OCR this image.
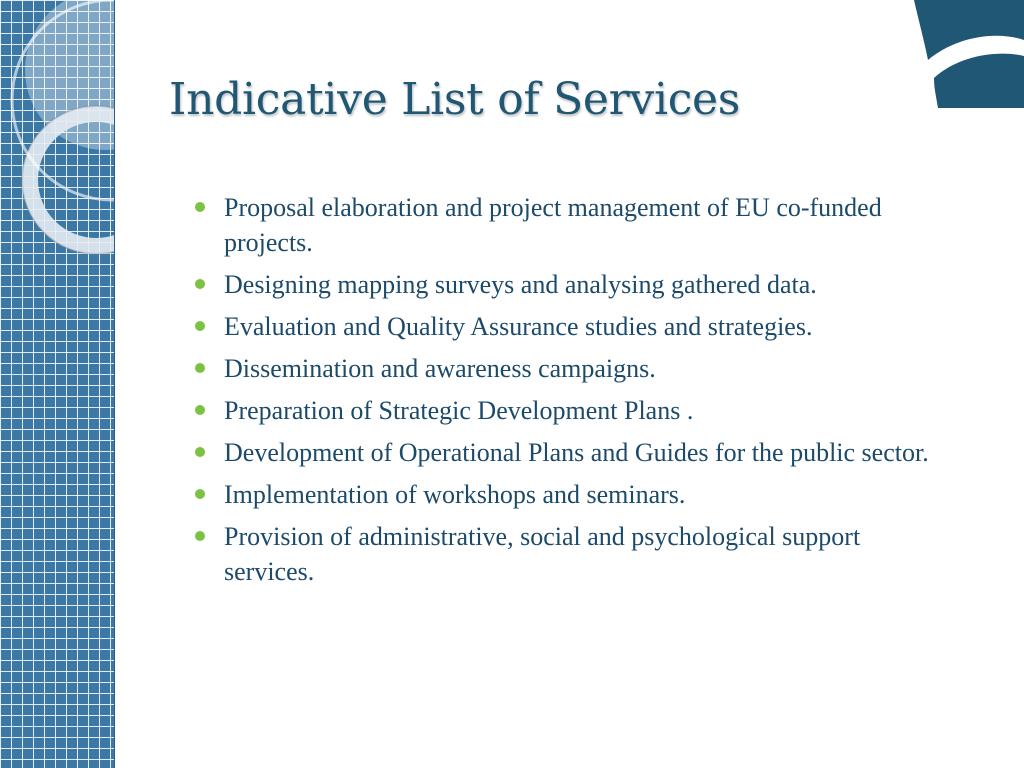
Indicative List of Services
Proposal elaboration and project management of EU co-funded projects.
Designing mapping surveys and analysing gathered data.
Evaluation and Quality Assurance studies and strategies.
Dissemination and awareness campaigns.
Preparation of Strategic Development Plans .
Development of Operational Plans and Guides for the public sector.
Implementation of workshops and seminars.
Provision of administrative, social and psychological support services.
